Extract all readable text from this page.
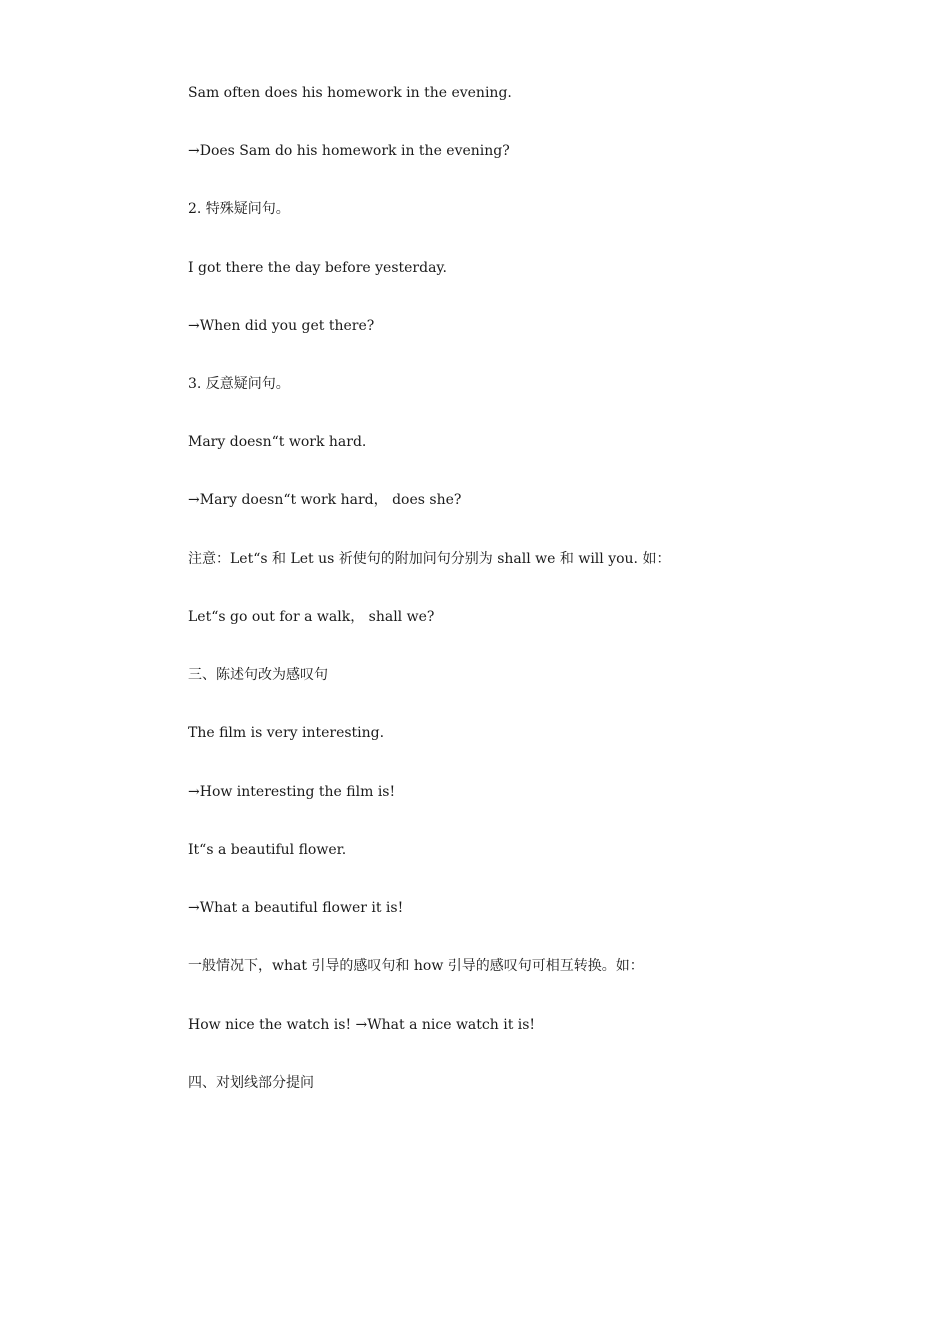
Sam often does his homework in the evening.
→Does Sam do his homework in the evening?
2. 特殊疑问句。
I got there the day before yesterday.
→When did you get there?
3. 反意疑问句。
Mary doesn“t work hard.
→Mary doesn“t work hard， does she?
注意：Let“s 和 Let us 祈使句的附加问句分别为 shall we 和 will you. 如：
Let“s go out for a walk， shall we?
三、陈述句改为感叹句
The film is very interesting.
→How interesting the film is!
It“s a beautiful flower.
→What a beautiful flower it is!
一般情况下，what 引导的感叹句和 how 引导的感叹句可相互转换。如：
How nice the watch is! →What a nice watch it is!
四、对划线部分提问
